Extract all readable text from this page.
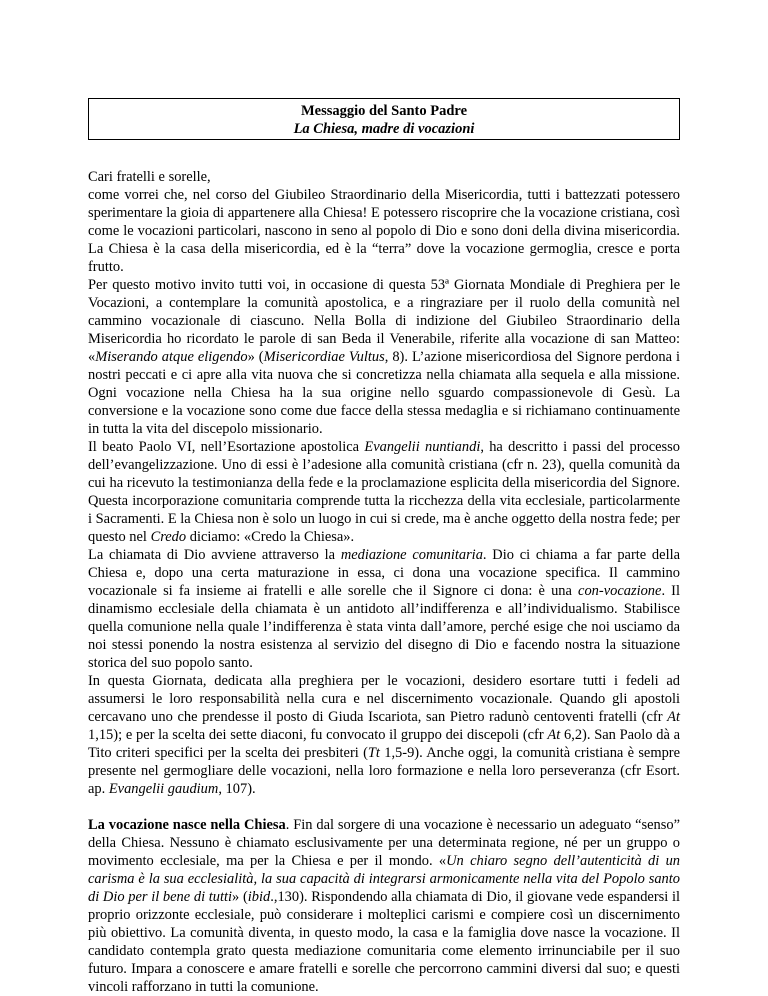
Messaggio del Santo Padre
La Chiesa, madre di vocazioni

Cari fratelli e sorelle,

come vorrei che, nel corso del Giubileo Straordinario della Misericordia, tutti i battezzati potessero sperimentare la gioia di appartenere alla Chiesa! E potessero riscoprire che la vocazione cristiana, così come le vocazioni particolari, nascono in seno al popolo di Dio e sono doni della divina misericordia. La Chiesa è la casa della misericordia, ed è la “terra” dove la vocazione germoglia, cresce e porta frutto.

Per questo motivo invito tutti voi, in occasione di questa 53ª Giornata Mondiale di Preghiera per le Vocazioni, a contemplare la comunità apostolica, e a ringraziare per il ruolo della comunità nel cammino vocazionale di ciascuno. Nella Bolla di indizione del Giubileo Straordinario della Misericordia ho ricordato le parole di san Beda il Venerabile, riferite alla vocazione di san Matteo: «Miserando atque eligendo» (Misericordiae Vultus, 8). L’azione misericordiosa del Signore perdona i nostri peccati e ci apre alla vita nuova che si concretizza nella chiamata alla sequela e alla missione. Ogni vocazione nella Chiesa ha la sua origine nello sguardo compassionevole di Gesù. La conversione e la vocazione sono come due facce della stessa medaglia e si richiamano continuamente in tutta la vita del discepolo missionario.

Il beato Paolo VI, nell’Esortazione apostolica Evangelii nuntiandi, ha descritto i passi del processo dell’evangelizzazione. Uno di essi è l’adesione alla comunità cristiana (cfr n. 23), quella comunità da cui ha ricevuto la testimonianza della fede e la proclamazione esplicita della misericordia del Signore. Questa incorporazione comunitaria comprende tutta la ricchezza della vita ecclesiale, particolarmente i Sacramenti. E la Chiesa non è solo un luogo in cui si crede, ma è anche oggetto della nostra fede; per questo nel Credo diciamo: «Credo la Chiesa».

La chiamata di Dio avviene attraverso la mediazione comunitaria. Dio ci chiama a far parte della Chiesa e, dopo una certa maturazione in essa, ci dona una vocazione specifica. Il cammino vocazionale si fa insieme ai fratelli e alle sorelle che il Signore ci dona: è una con-vocazione. Il dinamismo ecclesiale della chiamata è un antidoto all’indifferenza e all’individualismo. Stabilisce quella comunione nella quale l’indifferenza è stata vinta dall’amore, perché esige che noi usciamo da noi stessi ponendo la nostra esistenza al servizio del disegno di Dio e facendo nostra la situazione storica del suo popolo santo.

In questa Giornata, dedicata alla preghiera per le vocazioni, desidero esortare tutti i fedeli ad assumersi le loro responsabilità nella cura e nel discernimento vocazionale. Quando gli apostoli cercavano uno che prendesse il posto di Giuda Iscariota, san Pietro radunò centoventi fratelli (cfr At 1,15); e per la scelta dei sette diaconi, fu convocato il gruppo dei discepoli (cfr At 6,2). San Paolo dà a Tito criteri specifici per la scelta dei presbiteri (Tt 1,5-9). Anche oggi, la comunità cristiana è sempre presente nel germogliare delle vocazioni, nella loro formazione e nella loro perseveranza (cfr Esort. ap. Evangelii gaudium, 107).

La vocazione nasce nella Chiesa. Fin dal sorgere di una vocazione è necessario un adeguato “senso” della Chiesa. Nessuno è chiamato esclusivamente per una determinata regione, né per un gruppo o movimento ecclesiale, ma per la Chiesa e per il mondo. «Un chiaro segno dell’autenticità di un carisma è la sua ecclesialità, la sua capacità di integrarsi armonicamente nella vita del Popolo santo di Dio per il bene di tutti» (ibid.,130). Rispondendo alla chiamata di Dio, il giovane vede espandersi il proprio orizzonte ecclesiale, può considerare i molteplici carismi e compiere così un discernimento più obiettivo. La comunità diventa, in questo modo, la casa e la famiglia dove nasce la vocazione. Il candidato contempla grato questa mediazione comunitaria come elemento irrinunciabile per il suo futuro. Impara a conoscere e amare fratelli e sorelle che percorrono cammini diversi dal suo; e questi vincoli rafforzano in tutti la comunione.
